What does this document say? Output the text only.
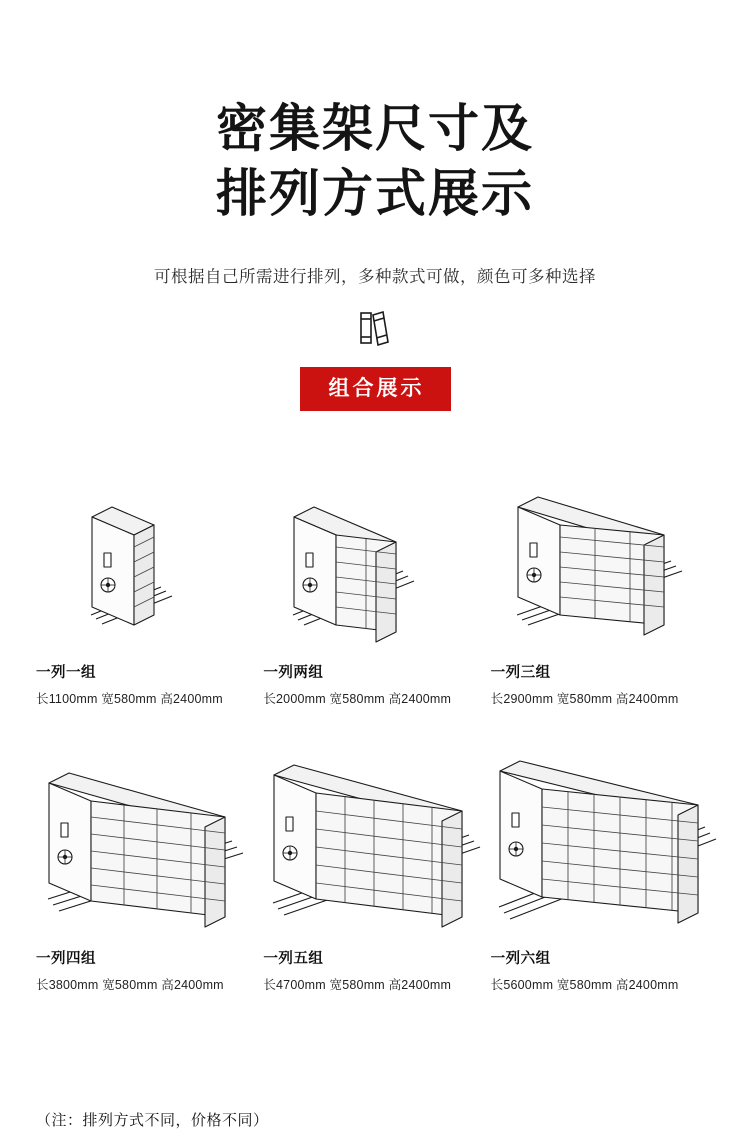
密集架尺寸及
排列方式展示
可根据自己所需进行排列，多种款式可做，颜色可多种选择
组合展示
一列一组
长1100mm 宽580mm 高2400mm
一列两组
长2000mm 宽580mm 高2400mm
一列三组
长2900mm 宽580mm 高2400mm
一列四组
长3800mm 宽580mm 高2400mm
一列五组
长4700mm 宽580mm 高2400mm
一列六组
长5600mm 宽580mm 高2400mm
（注：排列方式不同，价格不同）
